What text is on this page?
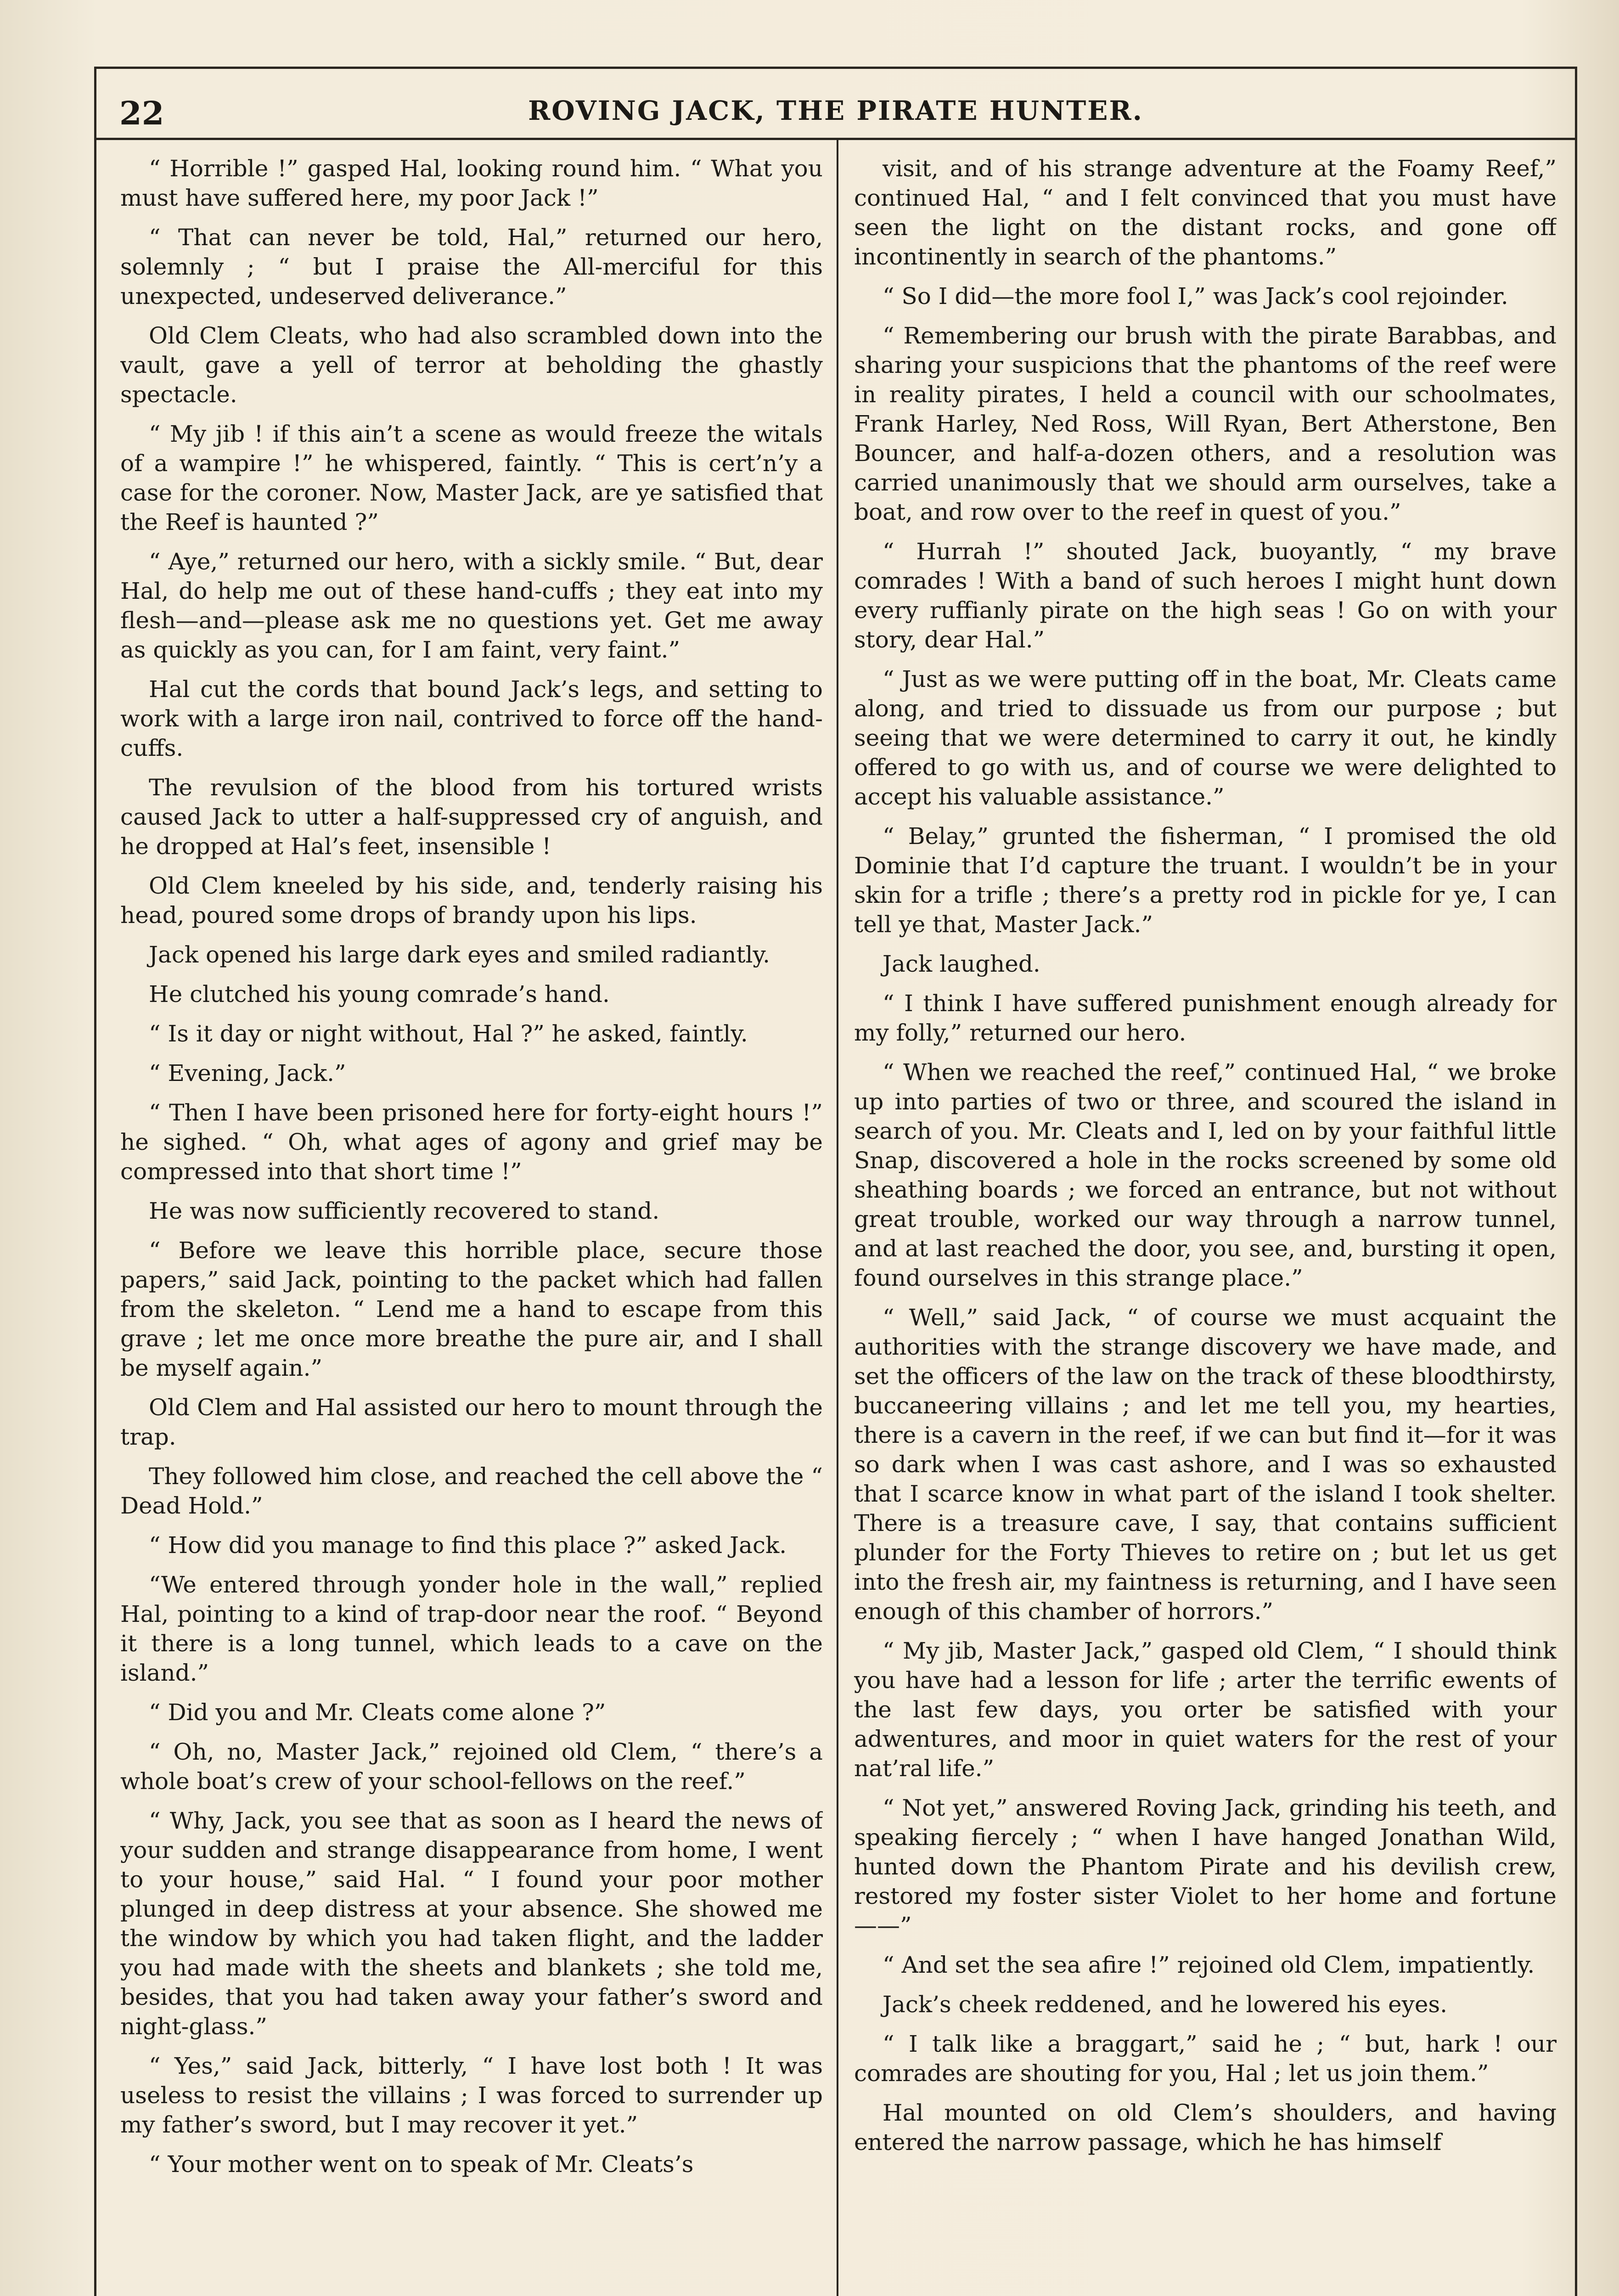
22	ROVING JACK, THE PIRATE HUNTER.

“ Horrible !” gasped Hal, looking round him. “ What you must have suffered here, my poor Jack !”

“ That can never be told, Hal,” returned our hero, solemnly ; “ but I praise the All-merciful for this unexpected, undeserved deliverance.”

Old Clem Cleats, who had also scrambled down into the vault, gave a yell of terror at beholding the ghastly spectacle.

“ My jib ! if this ain’t a scene as would freeze the witals of a wampire !” he whispered, faintly. “ This is cert’n’y a case for the coroner. Now, Master Jack, are ye satisfied that the Reef is haunted ?”

“ Aye,” returned our hero, with a sickly smile. “ But, dear Hal, do help me out of these hand-cuffs ; they eat into my flesh—and—please ask me no questions yet. Get me away as quickly as you can, for I am faint, very faint.”

Hal cut the cords that bound Jack’s legs, and setting to work with a large iron nail, contrived to force off the hand-cuffs.

The revulsion of the blood from his tortured wrists caused Jack to utter a half-suppressed cry of anguish, and he dropped at Hal’s feet, insensible !

Old Clem kneeled by his side, and, tenderly raising his head, poured some drops of brandy upon his lips.

Jack opened his large dark eyes and smiled radiantly.

He clutched his young comrade’s hand.

“ Is it day or night without, Hal ?” he asked, faintly.

“ Evening, Jack.”

“ Then I have been prisoned here for forty-eight hours !” he sighed. “ Oh, what ages of agony and grief may be compressed into that short time !”

He was now sufficiently recovered to stand.

“ Before we leave this horrible place, secure those papers,” said Jack, pointing to the packet which had fallen from the skeleton. “ Lend me a hand to escape from this grave ; let me once more breathe the pure air, and I shall be myself again.”

Old Clem and Hal assisted our hero to mount through the trap.

They followed him close, and reached the cell above the “ Dead Hold.”

“ How did you manage to find this place ?” asked Jack.

“We entered through yonder hole in the wall,” replied Hal, pointing to a kind of trap-door near the roof. “ Beyond it there is a long tunnel, which leads to a cave on the island.”

“ Did you and Mr. Cleats come alone ?”

“ Oh, no, Master Jack,” rejoined old Clem, “ there’s a whole boat’s crew of your school-fellows on the reef.”

“ Why, Jack, you see that as soon as I heard the news of your sudden and strange disappearance from home, I went to your house,” said Hal. “ I found your poor mother plunged in deep distress at your absence. She showed me the window by which you had taken flight, and the ladder you had made with the sheets and blankets ; she told me, besides, that you had taken away your father’s sword and night-glass.”

“ Yes,” said Jack, bitterly, “ I have lost both ! It was useless to resist the villains ; I was forced to surrender up my father’s sword, but I may recover it yet.”

“ Your mother went on to speak of Mr. Cleats’s

visit, and of his strange adventure at the Foamy Reef,” continued Hal, “ and I felt convinced that you must have seen the light on the distant rocks, and gone off incontinently in search of the phantoms.”

“ So I did—the more fool I,” was Jack’s cool rejoinder.

“ Remembering our brush with the pirate Barabbas, and sharing your suspicions that the phantoms of the reef were in reality pirates, I held a council with our schoolmates, Frank Harley, Ned Ross, Will Ryan, Bert Atherstone, Ben Bouncer, and half-a-dozen others, and a resolution was carried unanimously that we should arm ourselves, take a boat, and row over to the reef in quest of you.”

“ Hurrah !” shouted Jack, buoyantly, “ my brave comrades ! With a band of such heroes I might hunt down every ruffianly pirate on the high seas ! Go on with your story, dear Hal.”

“ Just as we were putting off in the boat, Mr. Cleats came along, and tried to dissuade us from our purpose ; but seeing that we were determined to carry it out, he kindly offered to go with us, and of course we were delighted to accept his valuable assistance.”

“ Belay,” grunted the fisherman, “ I promised the old Dominie that I’d capture the truant. I wouldn’t be in your skin for a trifle ; there’s a pretty rod in pickle for ye, I can tell ye that, Master Jack.”

Jack laughed.

“ I think I have suffered punishment enough already for my folly,” returned our hero.

“ When we reached the reef,” continued Hal, “ we broke up into parties of two or three, and scoured the island in search of you. Mr. Cleats and I, led on by your faithful little Snap, discovered a hole in the rocks screened by some old sheathing boards ; we forced an entrance, but not without great trouble, worked our way through a narrow tunnel, and at last reached the door, you see, and, bursting it open, found ourselves in this strange place.”

“ Well,” said Jack, “ of course we must acquaint the authorities with the strange discovery we have made, and set the officers of the law on the track of these bloodthirsty, buccaneering villains ; and let me tell you, my hearties, there is a cavern in the reef, if we can but find it—for it was so dark when I was cast ashore, and I was so exhausted that I scarce know in what part of the island I took shelter. There is a treasure cave, I say, that contains sufficient plunder for the Forty Thieves to retire on ; but let us get into the fresh air, my faintness is returning, and I have seen enough of this chamber of horrors.”

“ My jib, Master Jack,” gasped old Clem, “ I should think you have had a lesson for life ; arter the terrific ewents of the last few days, you orter be satisfied with your adwentures, and moor in quiet waters for the rest of your nat’ral life.”

“ Not yet,” answered Roving Jack, grinding his teeth, and speaking fiercely ; “ when I have hanged Jonathan Wild, hunted down the Phantom Pirate and his devilish crew, restored my foster sister Violet to her home and fortune——”

“ And set the sea afire !” rejoined old Clem, impatiently.

Jack’s cheek reddened, and he lowered his eyes.

“ I talk like a braggart,” said he ; “ but, hark ! our comrades are shouting for you, Hal ; let us join them.”

Hal mounted on old Clem’s shoulders, and having entered the narrow passage, which he has himself
